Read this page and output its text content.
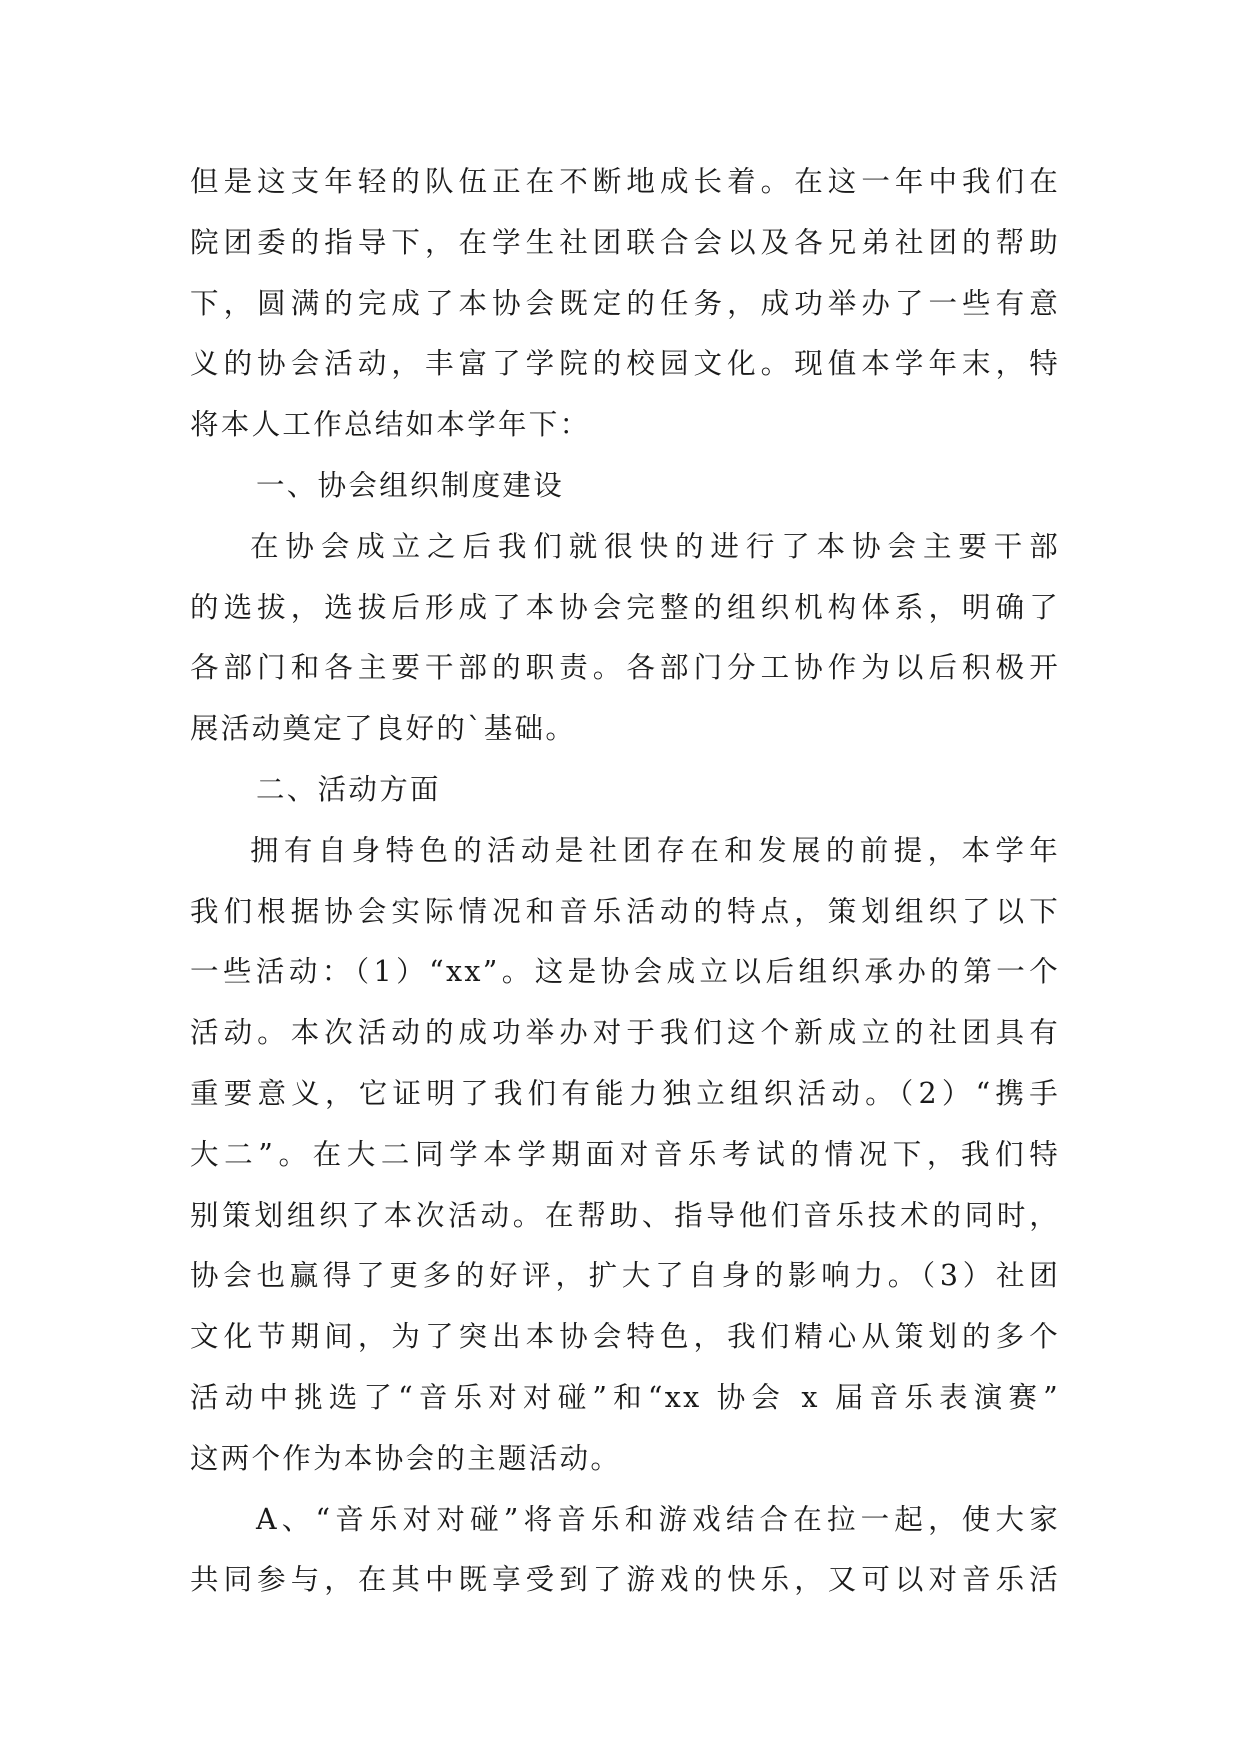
但是这支年轻的队伍正在不断地成长着。在这一年中我们在
院团委的指导下，在学生社团联合会以及各兄弟社团的帮助
下，圆满的完成了本协会既定的任务，成功举办了一些有意
义的协会活动，丰富了学院的校园文化。现值本学年末，特
将本人工作总结如本学年下：
一、协会组织制度建设
在协会成立之后我们就很快的进行了本协会主要干部
的选拔，选拔后形成了本协会完整的组织机构体系，明确了
各部门和各主要干部的职责。各部门分工协作为以后积极开
展活动奠定了良好的`基础。
二、活动方面
拥有自身特色的活动是社团存在和发展的前提，本学年
我们根据协会实际情况和音乐活动的特点，策划组织了以下
一些活动：（1）“xx”。这是协会成立以后组织承办的第一个
活动。本次活动的成功举办对于我们这个新成立的社团具有
重要意义，它证明了我们有能力独立组织活动。（2）“携手
大二”。在大二同学本学期面对音乐考试的情况下，我们特
别策划组织了本次活动。在帮助、指导他们音乐技术的同时，
协会也赢得了更多的好评，扩大了自身的影响力。（3）社团
文化节期间，为了突出本协会特色，我们精心从策划的多个
活动中挑选了“音乐对对碰”和“xx 协会 x 届音乐表演赛”
这两个作为本协会的主题活动。
A、“音乐对对碰”将音乐和游戏结合在拉一起，使大家
共同参与，在其中既享受到了游戏的快乐，又可以对音乐活
